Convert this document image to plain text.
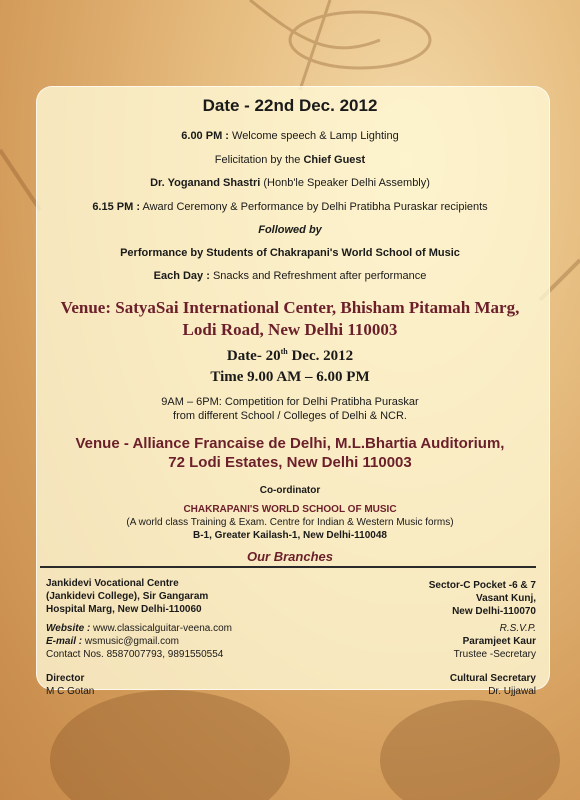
Date - 22nd Dec. 2012
6.00 PM : Welcome speech & Lamp Lighting
Felicitation by the Chief Guest
Dr. Yoganand Shastri (Honb'le Speaker Delhi Assembly)
6.15 PM : Award Ceremony & Performance by Delhi Pratibha Puraskar recipients
Followed by
Performance by Students of Chakrapani's World School of Music
Each Day : Snacks and Refreshment after performance
Venue: SatyaSai International Center, Bhisham Pitamah Marg,
Lodi Road, New Delhi 110003
Date- 20th Dec. 2012
Time 9.00 AM – 6.00 PM
9AM – 6PM: Competition for Delhi Pratibha Puraskar
from different School / Colleges of Delhi & NCR.
Venue - Alliance Francaise de Delhi, M.L.Bhartia Auditorium,
72 Lodi Estates, New Delhi 110003
Co-ordinator
CHAKRAPANI'S WORLD SCHOOL OF MUSIC
(A world class Training & Exam. Centre for Indian & Western Music forms)
B-1, Greater Kailash-1, New Delhi-110048
Our Branches
Jankidevi Vocational Centre
(Jankidevi College), Sir Gangaram
Hospital Marg, New Delhi-110060
Sector-C Pocket -6 & 7
Vasant Kunj,
New Delhi-110070
Website : www.classicalguitar-veena.com
E-mail : wsmusic@gmail.com
Contact Nos. 8587007793, 9891550554
R.S.V.P.
Paramjeet Kaur
Trustee -Secretary
Director
M C Gotan
Cultural Secretary
Dr. Ujjawal
